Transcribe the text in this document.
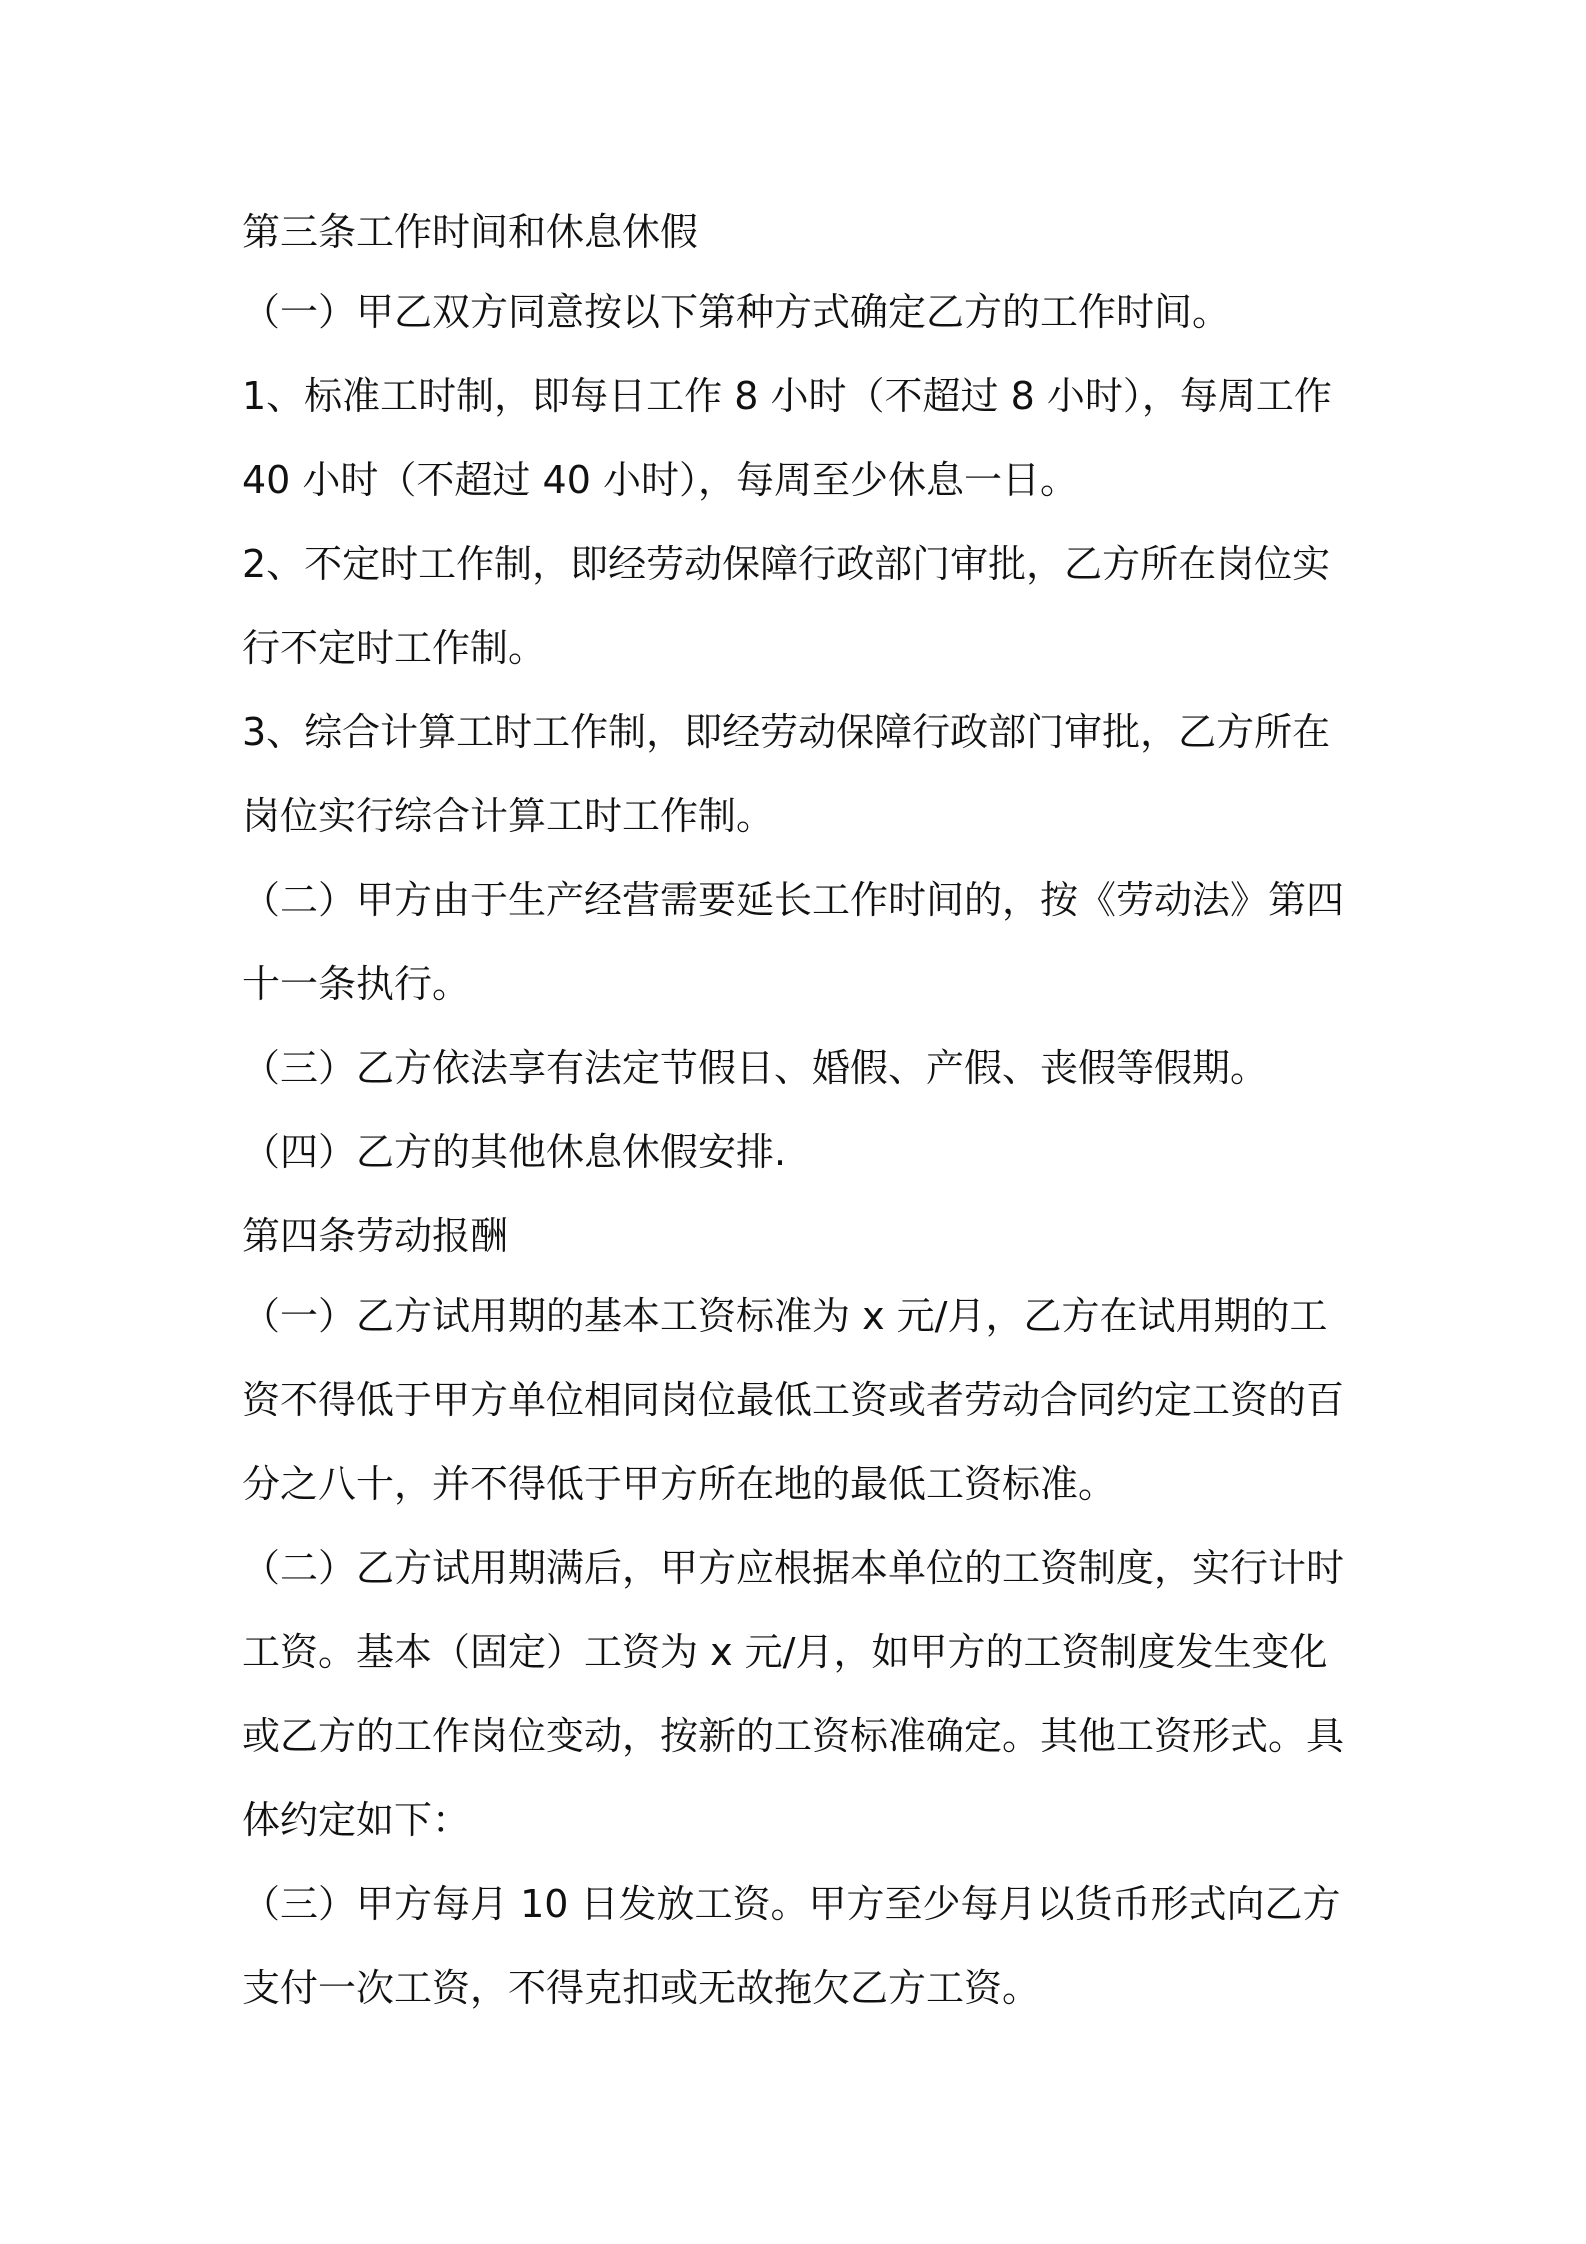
第三条工作时间和休息休假

（一）甲乙双方同意按以下第种方式确定乙方的工作时间。

1、标准工时制，即每日工作 8 小时（不超过 8 小时），每周工作 40 小时（不超过 40 小时），每周至少休息一日。

2、不定时工作制，即经劳动保障行政部门审批，乙方所在岗位实行不定时工作制。

3、综合计算工时工作制，即经劳动保障行政部门审批，乙方所在岗位实行综合计算工时工作制。

（二）甲方由于生产经营需要延长工作时间的，按《劳动法》第四十一条执行。

（三）乙方依法享有法定节假日、婚假、产假、丧假等假期。

（四）乙方的其他休息休假安排.

第四条劳动报酬

（一）乙方试用期的基本工资标准为 x 元/月，乙方在试用期的工资不得低于甲方单位相同岗位最低工资或者劳动合同约定工资的百分之八十，并不得低于甲方所在地的最低工资标准。

（二）乙方试用期满后，甲方应根据本单位的工资制度，实行计时工资。基本（固定）工资为 x 元/月，如甲方的工资制度发生变化或乙方的工作岗位变动，按新的工资标准确定。其他工资形式。具体约定如下：

（三）甲方每月 10 日发放工资。甲方至少每月以货币形式向乙方支付一次工资，不得克扣或无故拖欠乙方工资。
